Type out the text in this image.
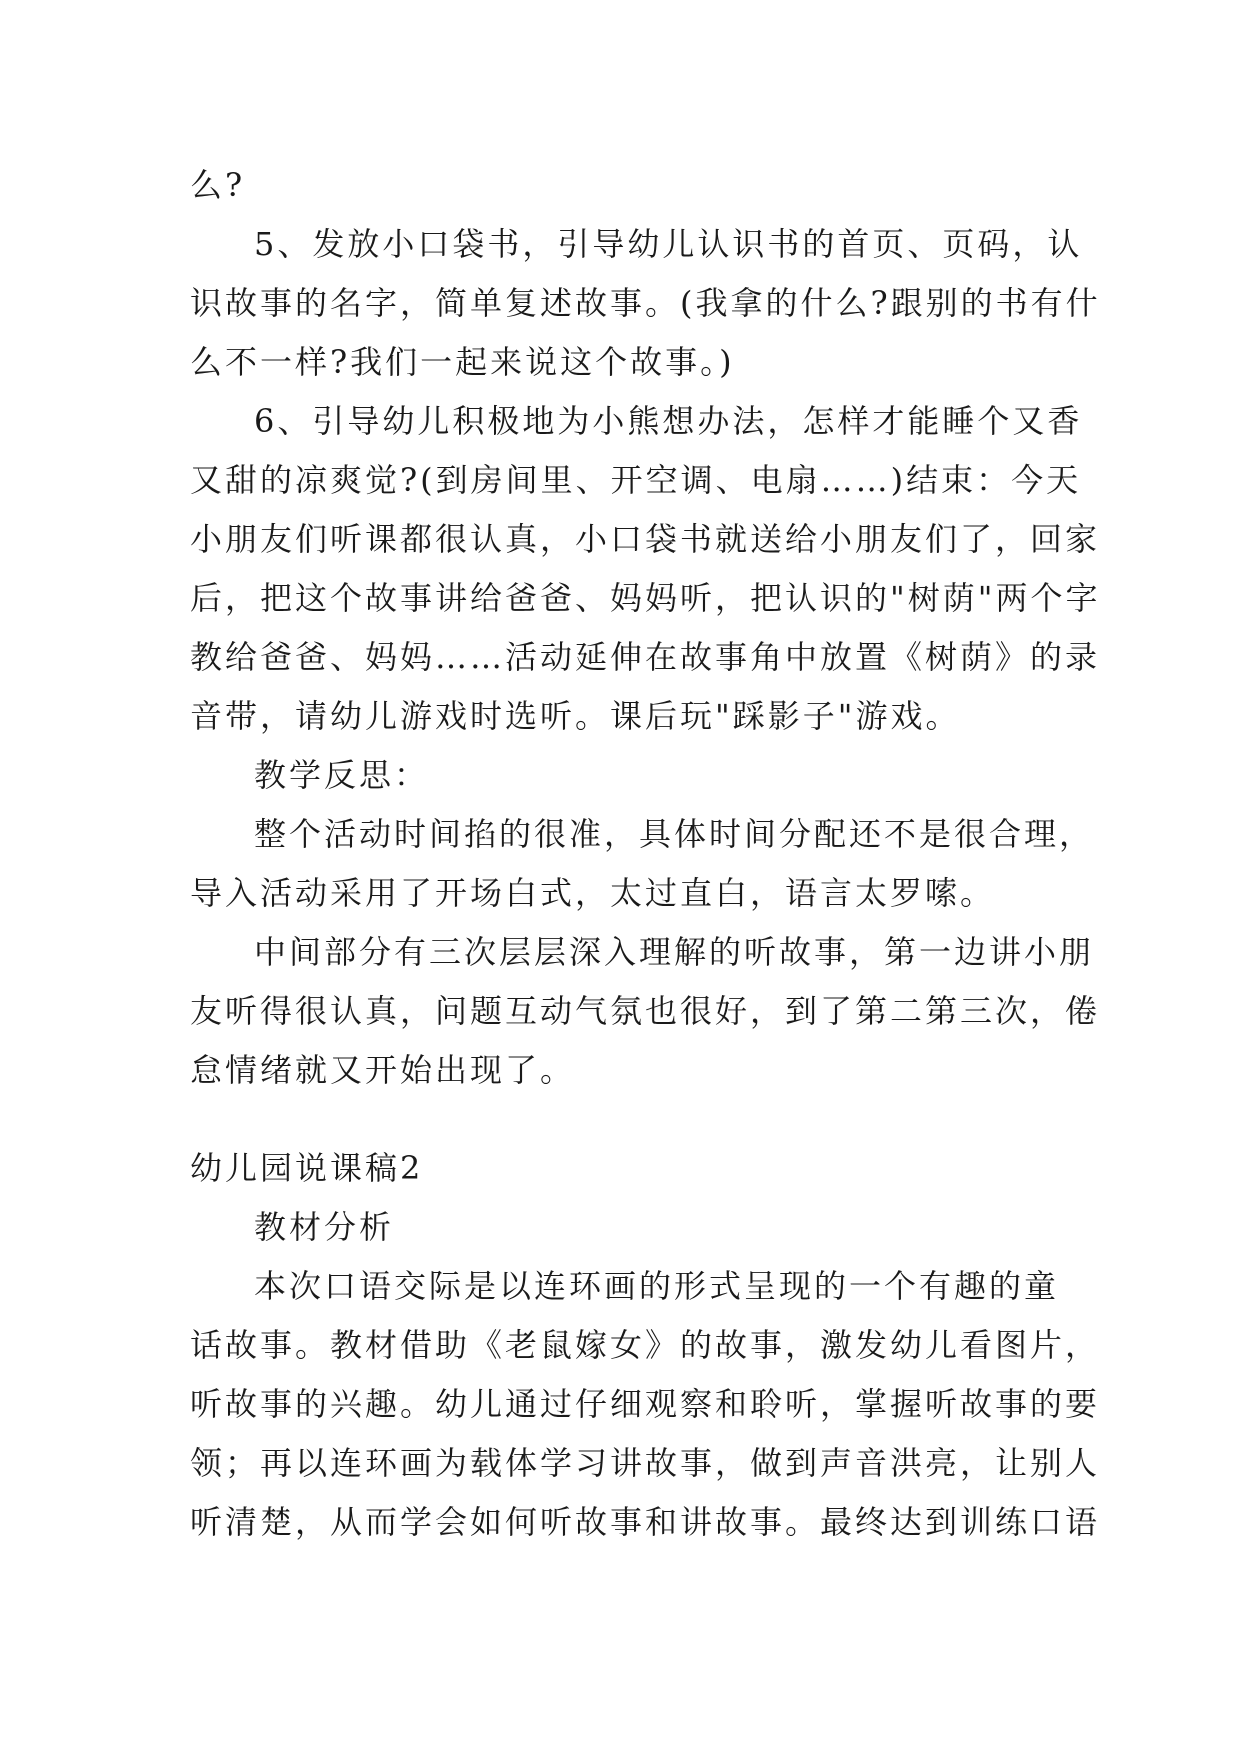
么?
5、发放小口袋书，引导幼儿认识书的首页、页码，认
识故事的名字，简单复述故事。(我拿的什么?跟别的书有什
么不一样?我们一起来说这个故事。)
6、引导幼儿积极地为小熊想办法，怎样才能睡个又香
又甜的凉爽觉?(到房间里、开空调、电扇……)结束：今天
小朋友们听课都很认真，小口袋书就送给小朋友们了，回家
后，把这个故事讲给爸爸、妈妈听，把认识的"树荫"两个字
教给爸爸、妈妈……活动延伸在故事角中放置《树荫》的录
音带，请幼儿游戏时选听。课后玩"踩影子"游戏。
教学反思：
整个活动时间掐的很准，具体时间分配还不是很合理，
导入活动采用了开场白式，太过直白，语言太罗嗦。
中间部分有三次层层深入理解的听故事，第一边讲小朋
友听得很认真，问题互动气氛也很好，到了第二第三次，倦
怠情绪就又开始出现了。
幼儿园说课稿2
教材分析
本次口语交际是以连环画的形式呈现的一个有趣的童
话故事。教材借助《老鼠嫁女》的故事，激发幼儿看图片，
听故事的兴趣。幼儿通过仔细观察和聆听，掌握听故事的要
领；再以连环画为载体学习讲故事，做到声音洪亮，让别人
听清楚，从而学会如何听故事和讲故事。最终达到训练口语
